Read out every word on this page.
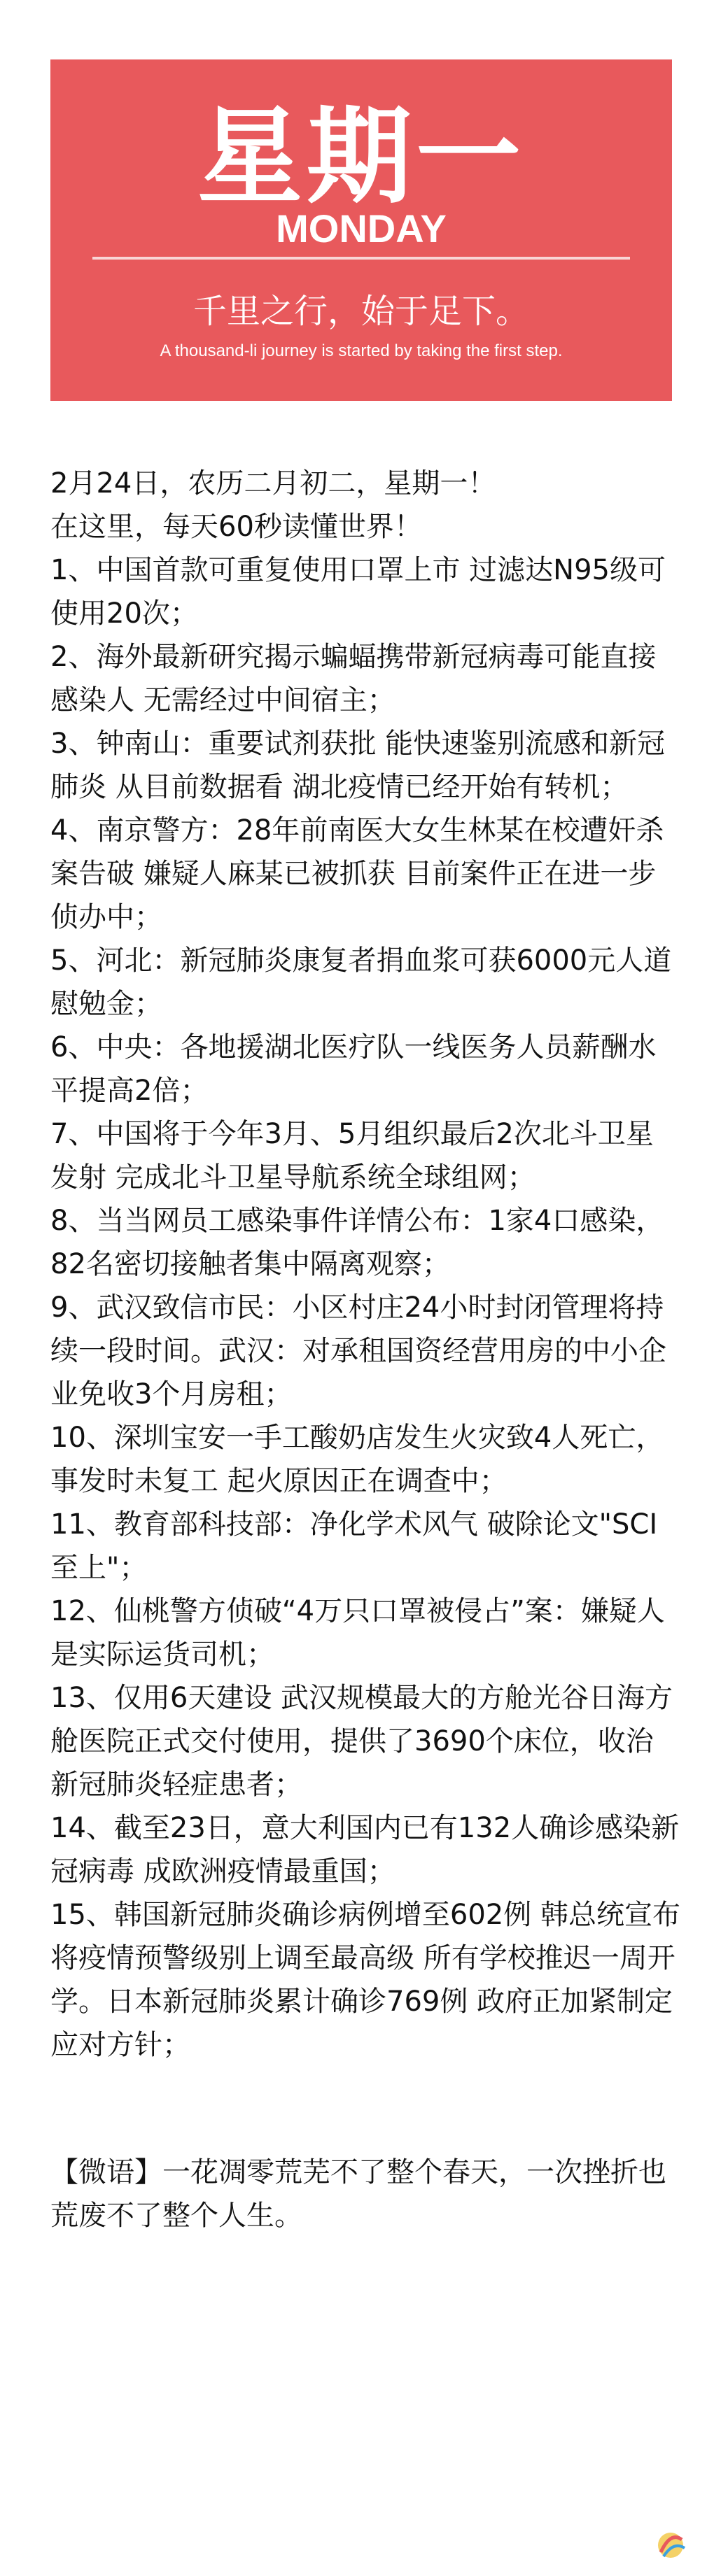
星期一
MONDAY
千里之行，始于足下。
A thousand-li journey is started by taking the first step.

2月24日，农历二月初二，星期一！

在这里，每天60秒读懂世界！

1、中国首款可重复使用口罩上市 过滤达N95级可使用20次；

2、海外最新研究揭示蝙蝠携带新冠病毒可能直接感染人 无需经过中间宿主；

3、钟南山：重要试剂获批 能快速鉴别流感和新冠肺炎 从目前数据看 湖北疫情已经开始有转机；

4、南京警方：28年前南医大女生林某在校遭奸杀案告破 嫌疑人麻某已被抓获 目前案件正在进一步侦办中；

5、河北：新冠肺炎康复者捐血浆可获6000元人道慰勉金；

6、中央：各地援湖北医疗队一线医务人员薪酬水平提高2倍；

7、中国将于今年3月、5月组织最后2次北斗卫星发射 完成北斗卫星导航系统全球组网；

8、当当网员工感染事件详情公布：1家4口感染，82名密切接触者集中隔离观察；

9、武汉致信市民：小区村庄24小时封闭管理将持续一段时间。武汉：对承租国资经营用房的中小企业免收3个月房租；

10、深圳宝安一手工酸奶店发生火灾致4人死亡，事发时未复工 起火原因正在调查中；

11、教育部科技部：净化学术风气 破除论文"SCI至上"；

12、仙桃警方侦破“4万只口罩被侵占”案：嫌疑人是实际运货司机；

13、仅用6天建设 武汉规模最大的方舱光谷日海方舱医院正式交付使用，提供了3690个床位，收治新冠肺炎轻症患者；

14、截至23日，意大利国内已有132人确诊感染新冠病毒 成欧洲疫情最重国；

15、韩国新冠肺炎确诊病例增至602例 韩总统宣布将疫情预警级别上调至最高级 所有学校推迟一周开学。日本新冠肺炎累计确诊769例 政府正加紧制定应对方针；

【微语】一花凋零荒芜不了整个春天，一次挫折也荒废不了整个人生。
